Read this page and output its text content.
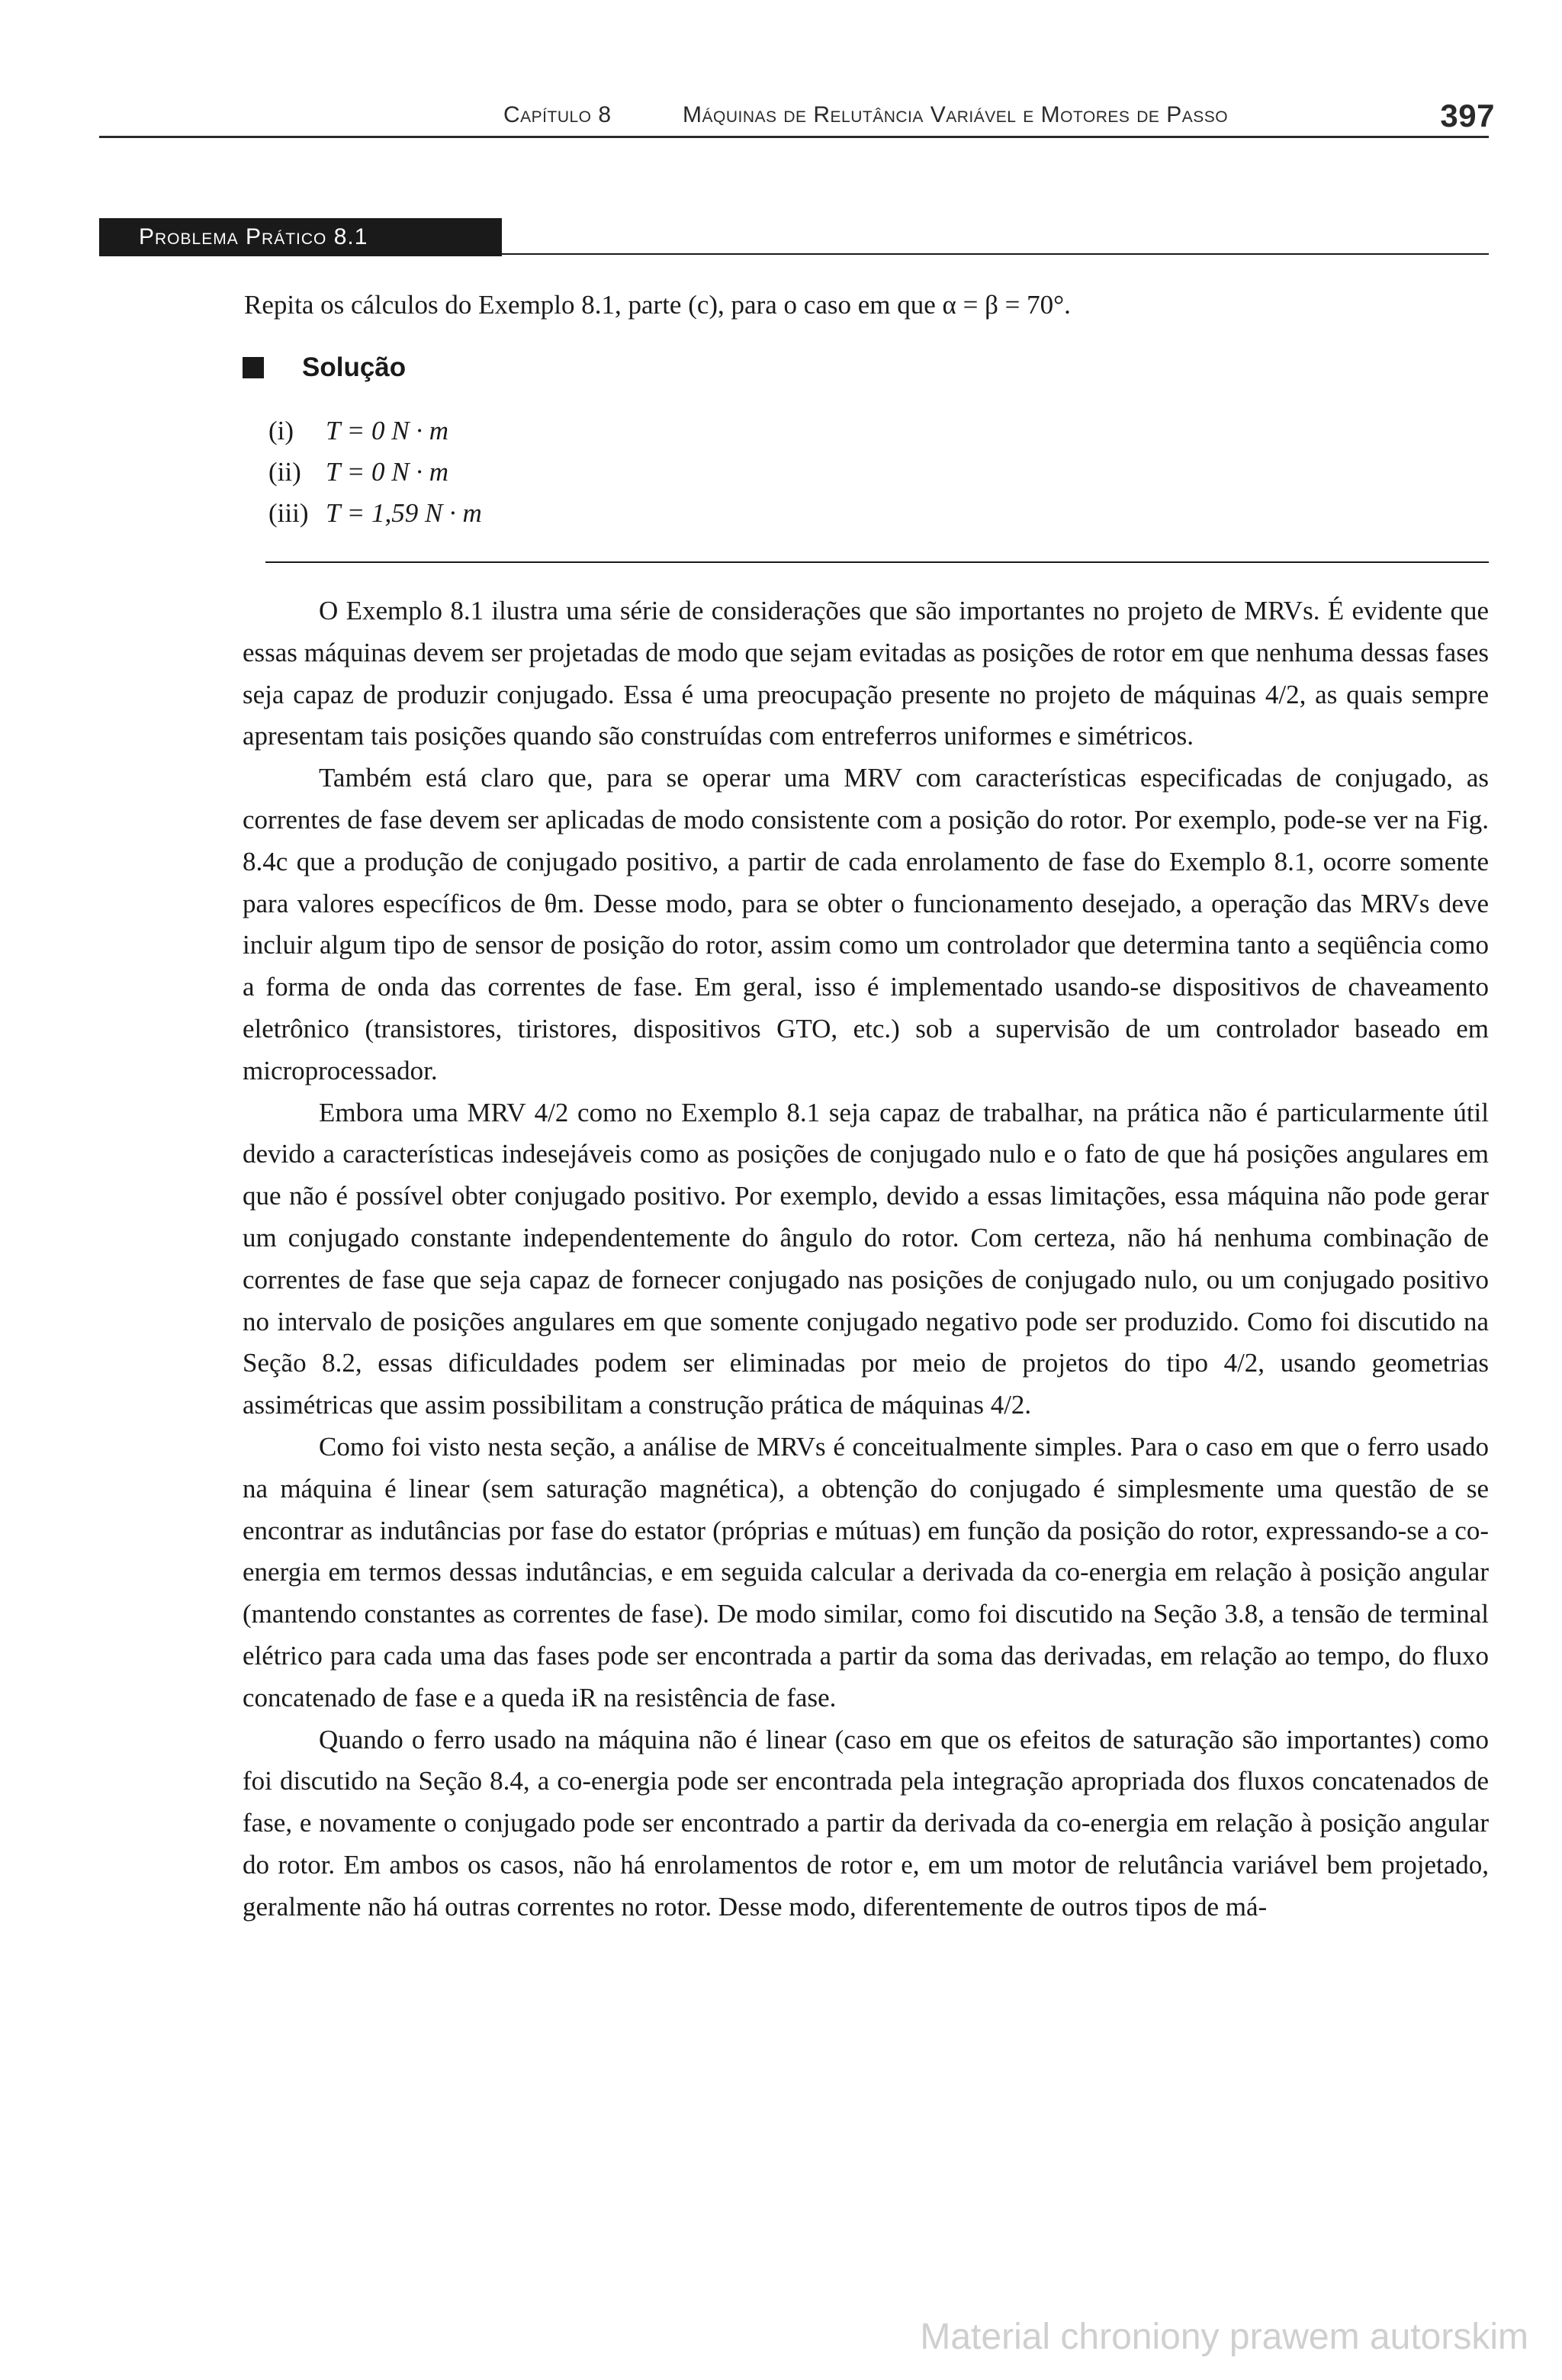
Capítulo 8	Máquinas de Relutância Variável e Motores de Passo	397
Problema Prático 8.1
Repita os cálculos do Exemplo 8.1, parte (c), para o caso em que α = β = 70°.
Solução
(i)	T = 0 N · m
(ii) T = 0 N · m
(iii) T = 1,59 N · m

O Exemplo 8.1 ilustra uma série de considerações que são importantes no projeto de MRVs. É evidente que essas máquinas devem ser projetadas de modo que sejam evitadas as posições de rotor em que nenhuma dessas fases seja capaz de produzir conjugado. Essa é uma preocupação presente no projeto de máquinas 4/2, as quais sempre apresentam tais posições quando são construídas com entreferros uniformes e simétricos.

Também está claro que, para se operar uma MRV com características especificadas de conjugado, as correntes de fase devem ser aplicadas de modo consistente com a posição do rotor. Por exemplo, pode-se ver na Fig. 8.4c que a produção de conjugado positivo, a partir de cada enrolamento de fase do Exemplo 8.1, ocorre somente para valores específicos de θm. Desse modo, para se obter o funcionamento desejado, a operação das MRVs deve incluir algum tipo de sensor de posição do rotor, assim como um controlador que determina tanto a seqüência como a forma de onda das correntes de fase. Em geral, isso é implementado usando-se dispositivos de chaveamento eletrônico (transistores, tiristores, dispositivos GTO, etc.) sob a supervisão de um controlador baseado em microprocessador.

Embora uma MRV 4/2 como no Exemplo 8.1 seja capaz de trabalhar, na prática não é particularmente útil devido a características indesejáveis como as posições de conjugado nulo e o fato de que há posições angulares em que não é possível obter conjugado positivo. Por exemplo, devido a essas limitações, essa máquina não pode gerar um conjugado constante independentemente do ângulo do rotor. Com certeza, não há nenhuma combinação de correntes de fase que seja capaz de fornecer conjugado nas posições de conjugado nulo, ou um conjugado positivo no intervalo de posições angulares em que somente conjugado negativo pode ser produzido. Como foi discutido na Seção 8.2, essas dificuldades podem ser eliminadas por meio de projetos do tipo 4/2, usando geometrias assimétricas que assim possibilitam a construção prática de máquinas 4/2.

Como foi visto nesta seção, a análise de MRVs é conceitualmente simples. Para o caso em que o ferro usado na máquina é linear (sem saturação magnética), a obtenção do conjugado é simplesmente uma questão de se encontrar as indutâncias por fase do estator (próprias e mútuas) em função da posição do rotor, expressando-se a co-energia em termos dessas indutâncias, e em seguida calcular a derivada da co-energia em relação à posição angular (mantendo constantes as correntes de fase). De modo similar, como foi discutido na Seção 3.8, a tensão de terminal elétrico para cada uma das fases pode ser encontrada a partir da soma das derivadas, em relação ao tempo, do fluxo concatenado de fase e a queda iR na resistência de fase.

Quando o ferro usado na máquina não é linear (caso em que os efeitos de saturação são importantes) como foi discutido na Seção 8.4, a co-energia pode ser encontrada pela integração apropriada dos fluxos concatenados de fase, e novamente o conjugado pode ser encontrado a partir da derivada da co-energia em relação à posição angular do rotor. Em ambos os casos, não há enrolamentos de rotor e, em um motor de relutância variável bem projetado, geralmente não há outras correntes no rotor. Desse modo, diferentemente de outros tipos de má-

Material chroniony prawem autorskim
